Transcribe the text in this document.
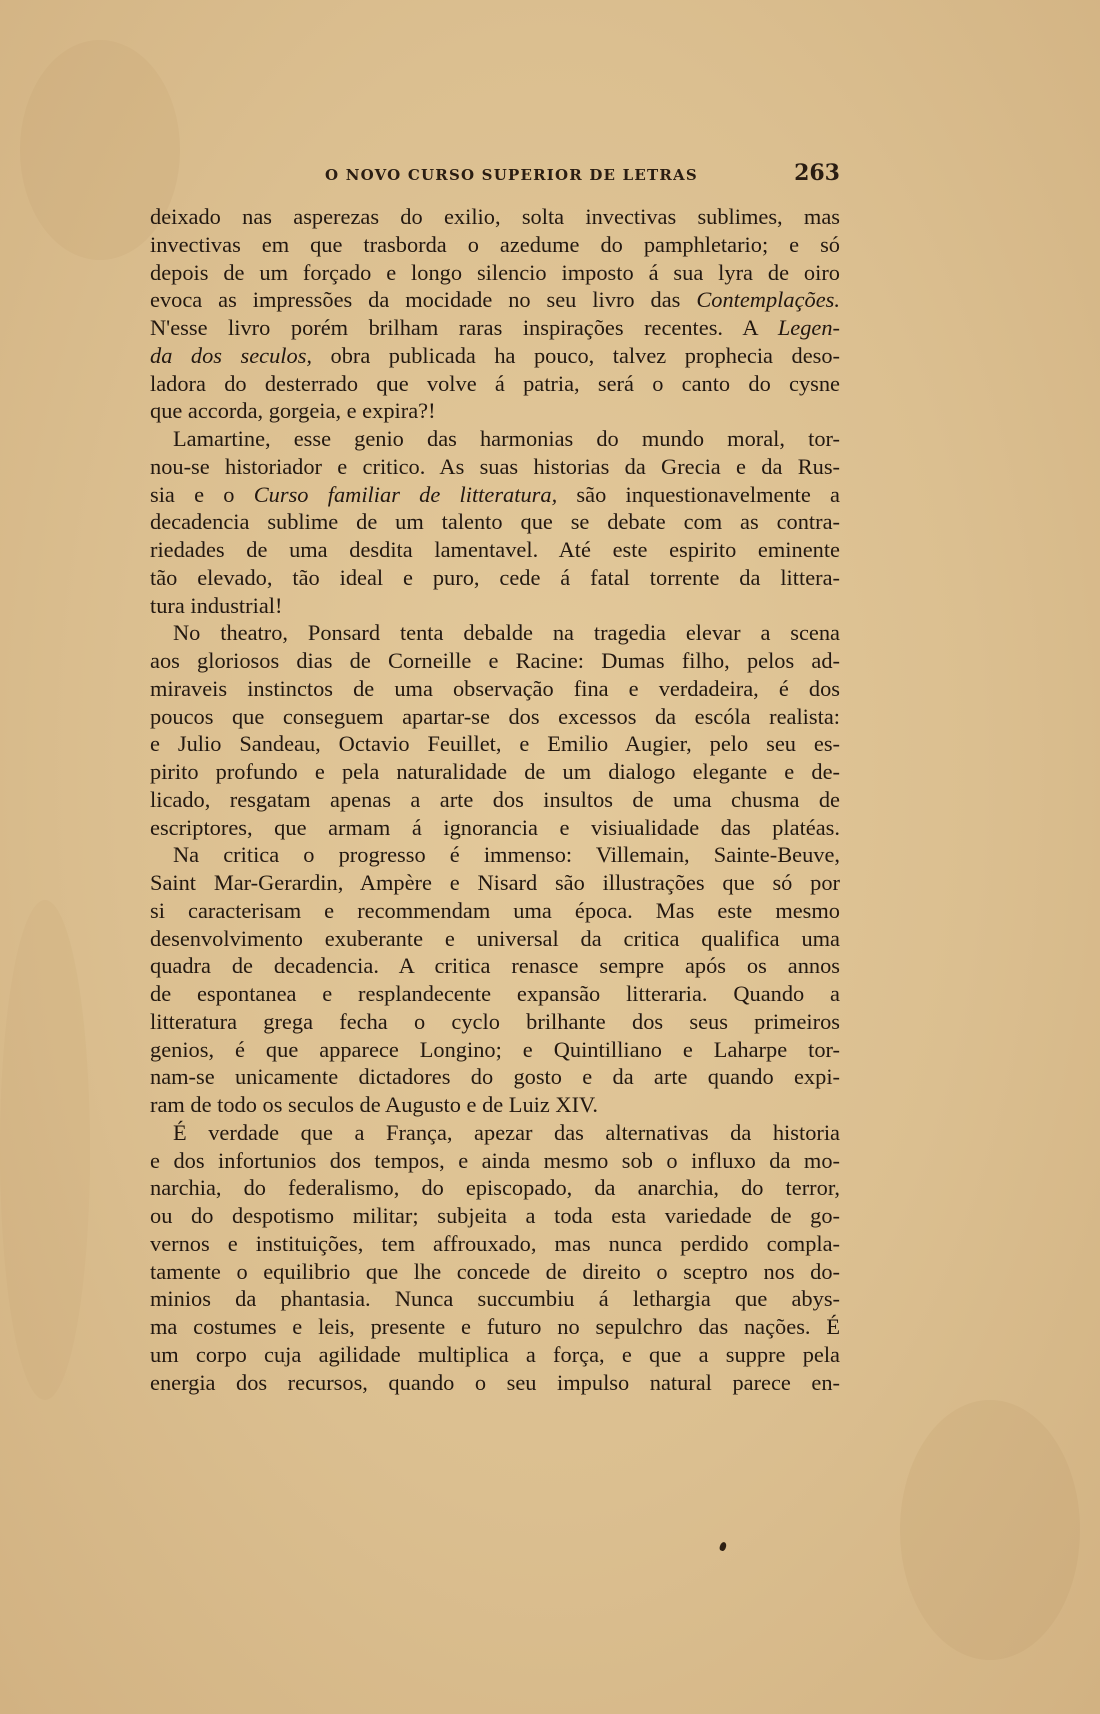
O NOVO CURSO SUPERIOR DE LETRAS	263
deixado nas asperezas do exilio, solta invectivas sublimes, mas
invectivas em que trasborda o azedume do pamphletario; e só
depois de um forçado e longo silencio imposto á sua lyra de oiro
evoca as impressões da mocidade no seu livro das Contemplações.
N'esse livro porém brilham raras inspirações recentes. A Legen-
da dos seculos, obra publicada ha pouco, talvez prophecia deso-
ladora do desterrado que volve á patria, será o canto do cysne
que accorda, gorgeia, e expira?!
Lamartine, esse genio das harmonias do mundo moral, tor-
nou-se historiador e critico. As suas historias da Grecia e da Rus-
sia e o Curso familiar de litteratura, são inquestionavelmente a
decadencia sublime de um talento que se debate com as contra-
riedades de uma desdita lamentavel. Até este espirito eminente
tão elevado, tão ideal e puro, cede á fatal torrente da littera-
tura industrial!
No theatro, Ponsard tenta debalde na tragedia elevar a scena
aos gloriosos dias de Corneille e Racine: Dumas filho, pelos ad-
miraveis instinctos de uma observação fina e verdadeira, é dos
poucos que conseguem apartar-se dos excessos da escóla realista:
e Julio Sandeau, Octavio Feuillet, e Emilio Augier, pelo seu es-
pirito profundo e pela naturalidade de um dialogo elegante e de-
licado, resgatam apenas a arte dos insultos de uma chusma de
escriptores, que armam á ignorancia e visiualidade das platéas.
Na critica o progresso é immenso: Villemain, Sainte-Beuve,
Saint Mar-Gerardin, Ampère e Nisard são illustrações que só por
si caracterisam e recommendam uma época. Mas este mesmo
desenvolvimento exuberante e universal da critica qualifica uma
quadra de decadencia. A critica renasce sempre após os annos
de espontanea e resplandecente expansão litteraria. Quando a
litteratura grega fecha o cyclo brilhante dos seus primeiros
genios, é que apparece Longino; e Quintilliano e Laharpe tor-
nam-se unicamente dictadores do gosto e da arte quando expi-
ram de todo os seculos de Augusto e de Luiz XIV.
É verdade que a França, apezar das alternativas da historia
e dos infortunios dos tempos, e ainda mesmo sob o influxo da mo-
narchia, do federalismo, do episcopado, da anarchia, do terror,
ou do despotismo militar; subjeita a toda esta variedade de go-
vernos e instituições, tem affrouxado, mas nunca perdido compla-
tamente o equilibrio que lhe concede de direito o sceptro nos do-
minios da phantasia. Nunca succumbiu á lethargia que abys-
ma costumes e leis, presente e futuro no sepulchro das nações. É
um corpo cuja agilidade multiplica a força, e que a suppre pela
energia dos recursos, quando o seu impulso natural parece en-
